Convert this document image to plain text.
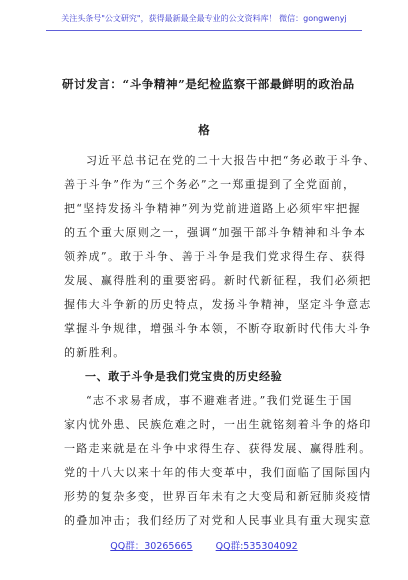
关注头条号"公文研究"，获得最新最全最专业的公文资料库！ 微信：gongwenyj
研讨发言：“斗争精神”是纪检监察干部最鲜明的政治品
格
习近平总书记在党的二十大报告中把“务必敢于斗争、
善于斗争”作为“三个务必”之一郑重提到了全党面前，
把“坚持发扬斗争精神”列为党前进道路上必须牢牢把握
的五个重大原则之一，强调“加强干部斗争精神和斗争本
领养成”。敢于斗争、善于斗争是我们党求得生存、获得
发展、赢得胜利的重要密码。新时代新征程，我们必须把
握伟大斗争新的历史特点，发扬斗争精神，坚定斗争意志
掌握斗争规律，增强斗争本领，不断夺取新时代伟大斗争
的新胜利。
一、敢于斗争是我们党宝贵的历史经验
“志不求易者成，事不避难者进。”我们党诞生于国
家内忧外患、民族危难之时，一出生就铭刻着斗争的烙印
一路走来就是在斗争中求得生存、获得发展、赢得胜利。
党的十八大以来十年的伟大变革中，我们面临了国际国内
形势的复杂多变，世界百年未有之大变局和新冠肺炎疫情
的叠加冲击；我们经历了对党和人民事业具有重大现实意
QQ群：30265665 QQ群:535304092
